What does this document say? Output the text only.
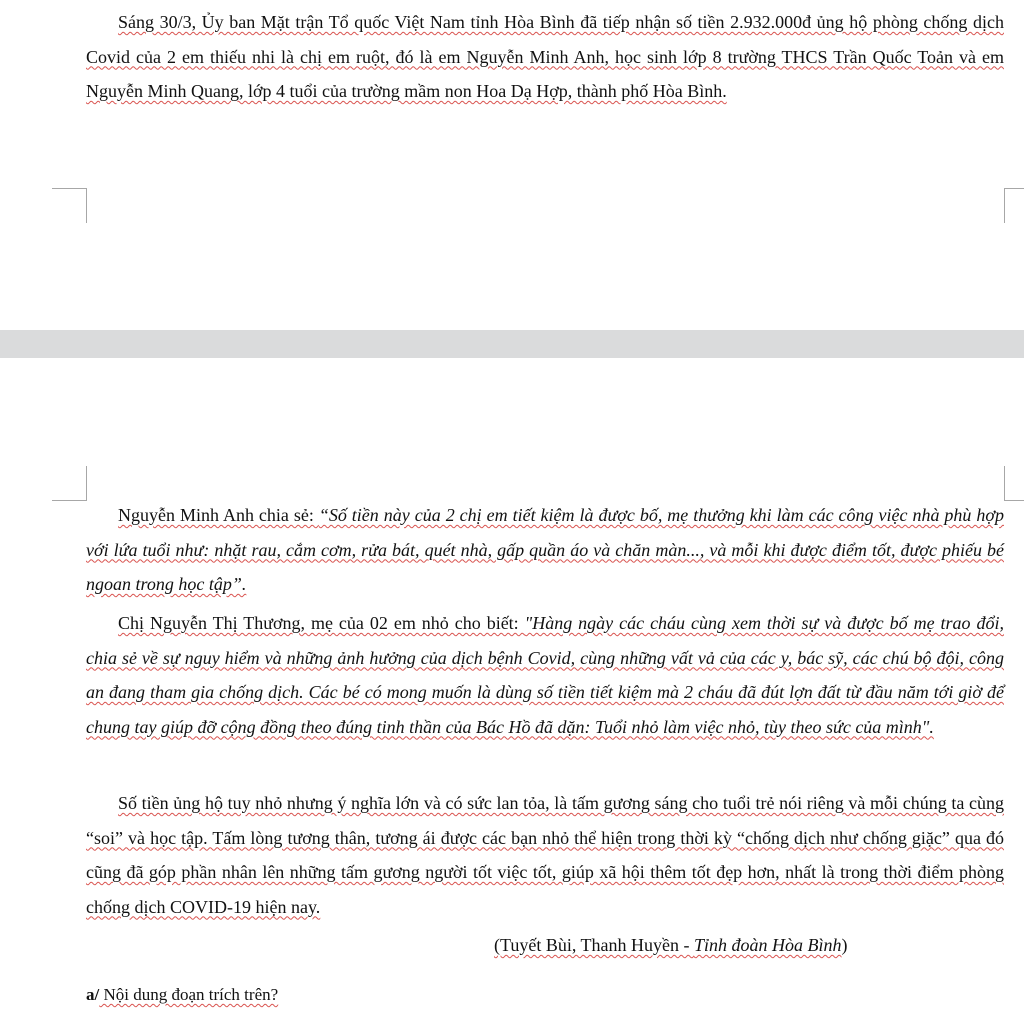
Sáng 30/3, Ủy ban Mặt trận Tổ quốc Việt Nam tỉnh Hòa Bình đã tiếp nhận số tiền 2.932.000đ ủng hộ phòng chống dịch Covid của 2 em thiếu nhi là chị em ruột, đó là em Nguyễn Minh Anh, học sinh lớp 8 trường THCS Trần Quốc Toản và em Nguyễn Minh Quang, lớp 4 tuổi của trường mầm non Hoa Dạ Hợp, thành phố Hòa Bình.

Nguyễn Minh Anh chia sẻ: “Số tiền này của 2 chị em tiết kiệm là được bố, mẹ thưởng khi làm các công việc nhà phù hợp với lứa tuổi như: nhặt rau, cắm cơm, rửa bát, quét nhà, gấp quần áo và chăn màn..., và mỗi khi được điểm tốt, được phiếu bé ngoan trong học tập”.

Chị Nguyễn Thị Thương, mẹ của 02 em nhỏ cho biết: "Hàng ngày các cháu cùng xem thời sự và được bố mẹ trao đổi, chia sẻ về sự nguy hiểm và những ảnh hưởng của dịch bệnh Covid, cùng những vất vả của các y, bác sỹ, các chú bộ đội, công an đang tham gia chống dịch. Các bé có mong muốn là dùng số tiền tiết kiệm mà 2 cháu đã đút lợn đất từ đầu năm tới giờ để chung tay giúp đỡ cộng đồng theo đúng tinh thần của Bác Hồ đã dặn: Tuổi nhỏ làm việc nhỏ, tùy theo sức của mình".

Số tiền ủng hộ tuy nhỏ nhưng ý nghĩa lớn và có sức lan tỏa, là tấm gương sáng cho tuổi trẻ nói riêng và mỗi chúng ta cùng “soi” và học tập. Tấm lòng tương thân, tương ái được các bạn nhỏ thể hiện trong thời kỳ “chống dịch như chống giặc” qua đó cũng đã góp phần nhân lên những tấm gương người tốt việc tốt, giúp xã hội thêm tốt đẹp hơn, nhất là trong thời điểm phòng chống dịch COVID-19 hiện nay.

(Tuyết Bùi, Thanh Huyền - Tỉnh đoàn Hòa Bình)

a/ Nội dung đoạn trích trên?
